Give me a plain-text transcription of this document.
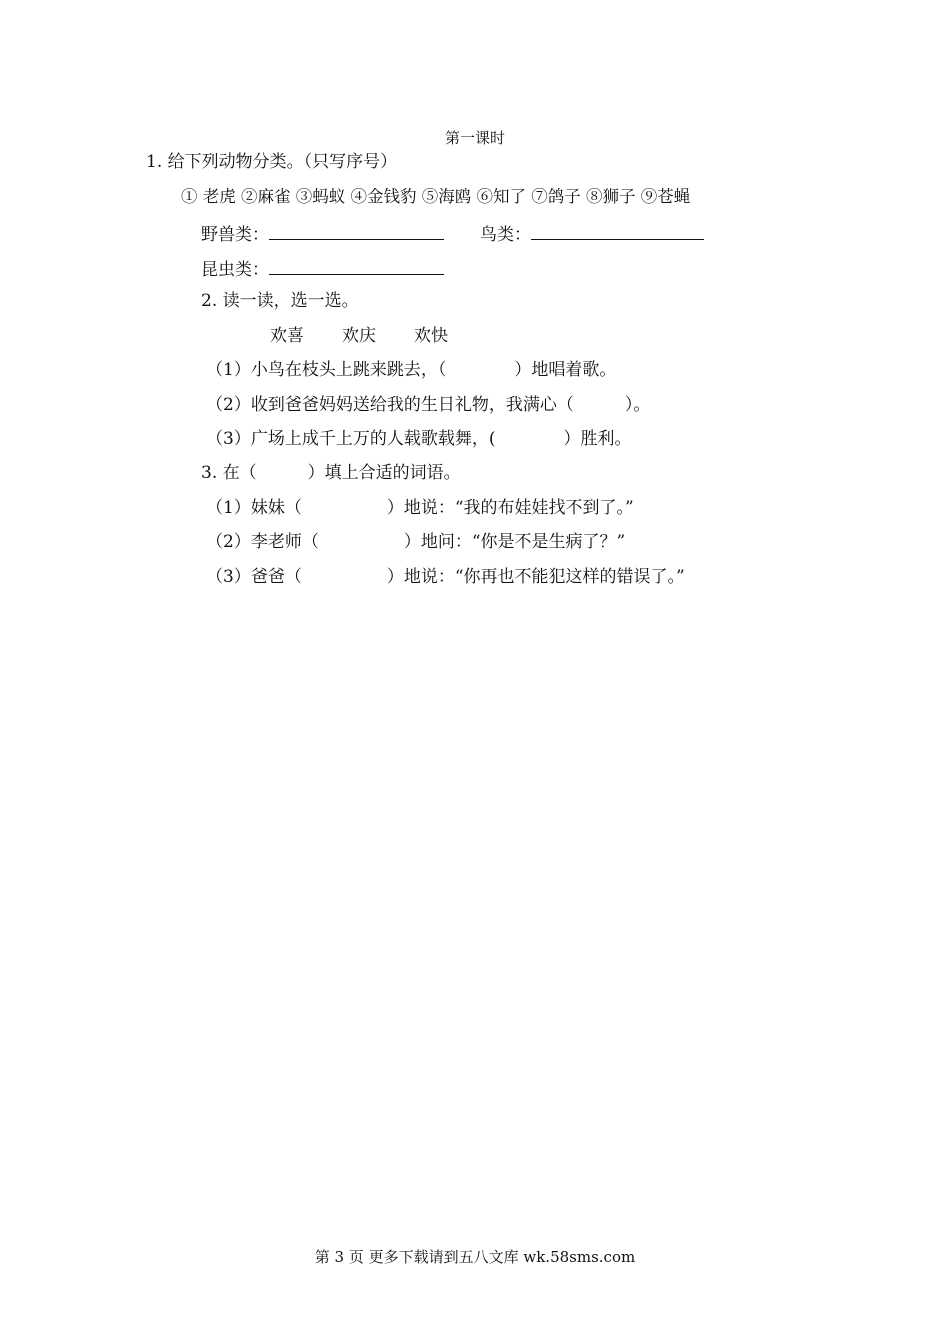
第一课时
1. 给下列动物分类。（只写序号）
① 老虎 ②麻雀 ③蚂蚁 ④金钱豹 ⑤海鸥 ⑥知了 ⑦鸽子 ⑧狮子 ⑨苍蝇
野兽类：	鸟类：
昆虫类：
2. 读一读，选一选。
欢喜 欢庆 欢快
（1）小鸟在枝头上跳来跳去，（　　　　）地唱着歌。
（2）收到爸爸妈妈送给我的生日礼物，我满心（　　　）。
（3）广场上成千上万的人载歌载舞，(　　　　）胜利。
3. 在（　　　）填上合适的词语。
（1）妹妹（　　　　　）地说：“我的布娃娃找不到了。”
（2）李老师（　　　　　）地问：“你是不是生病了？”
（3）爸爸（　　　　　）地说：“你再也不能犯这样的错误了。”
第 3 页 更多下载请到五八文库 wk.58sms.com
